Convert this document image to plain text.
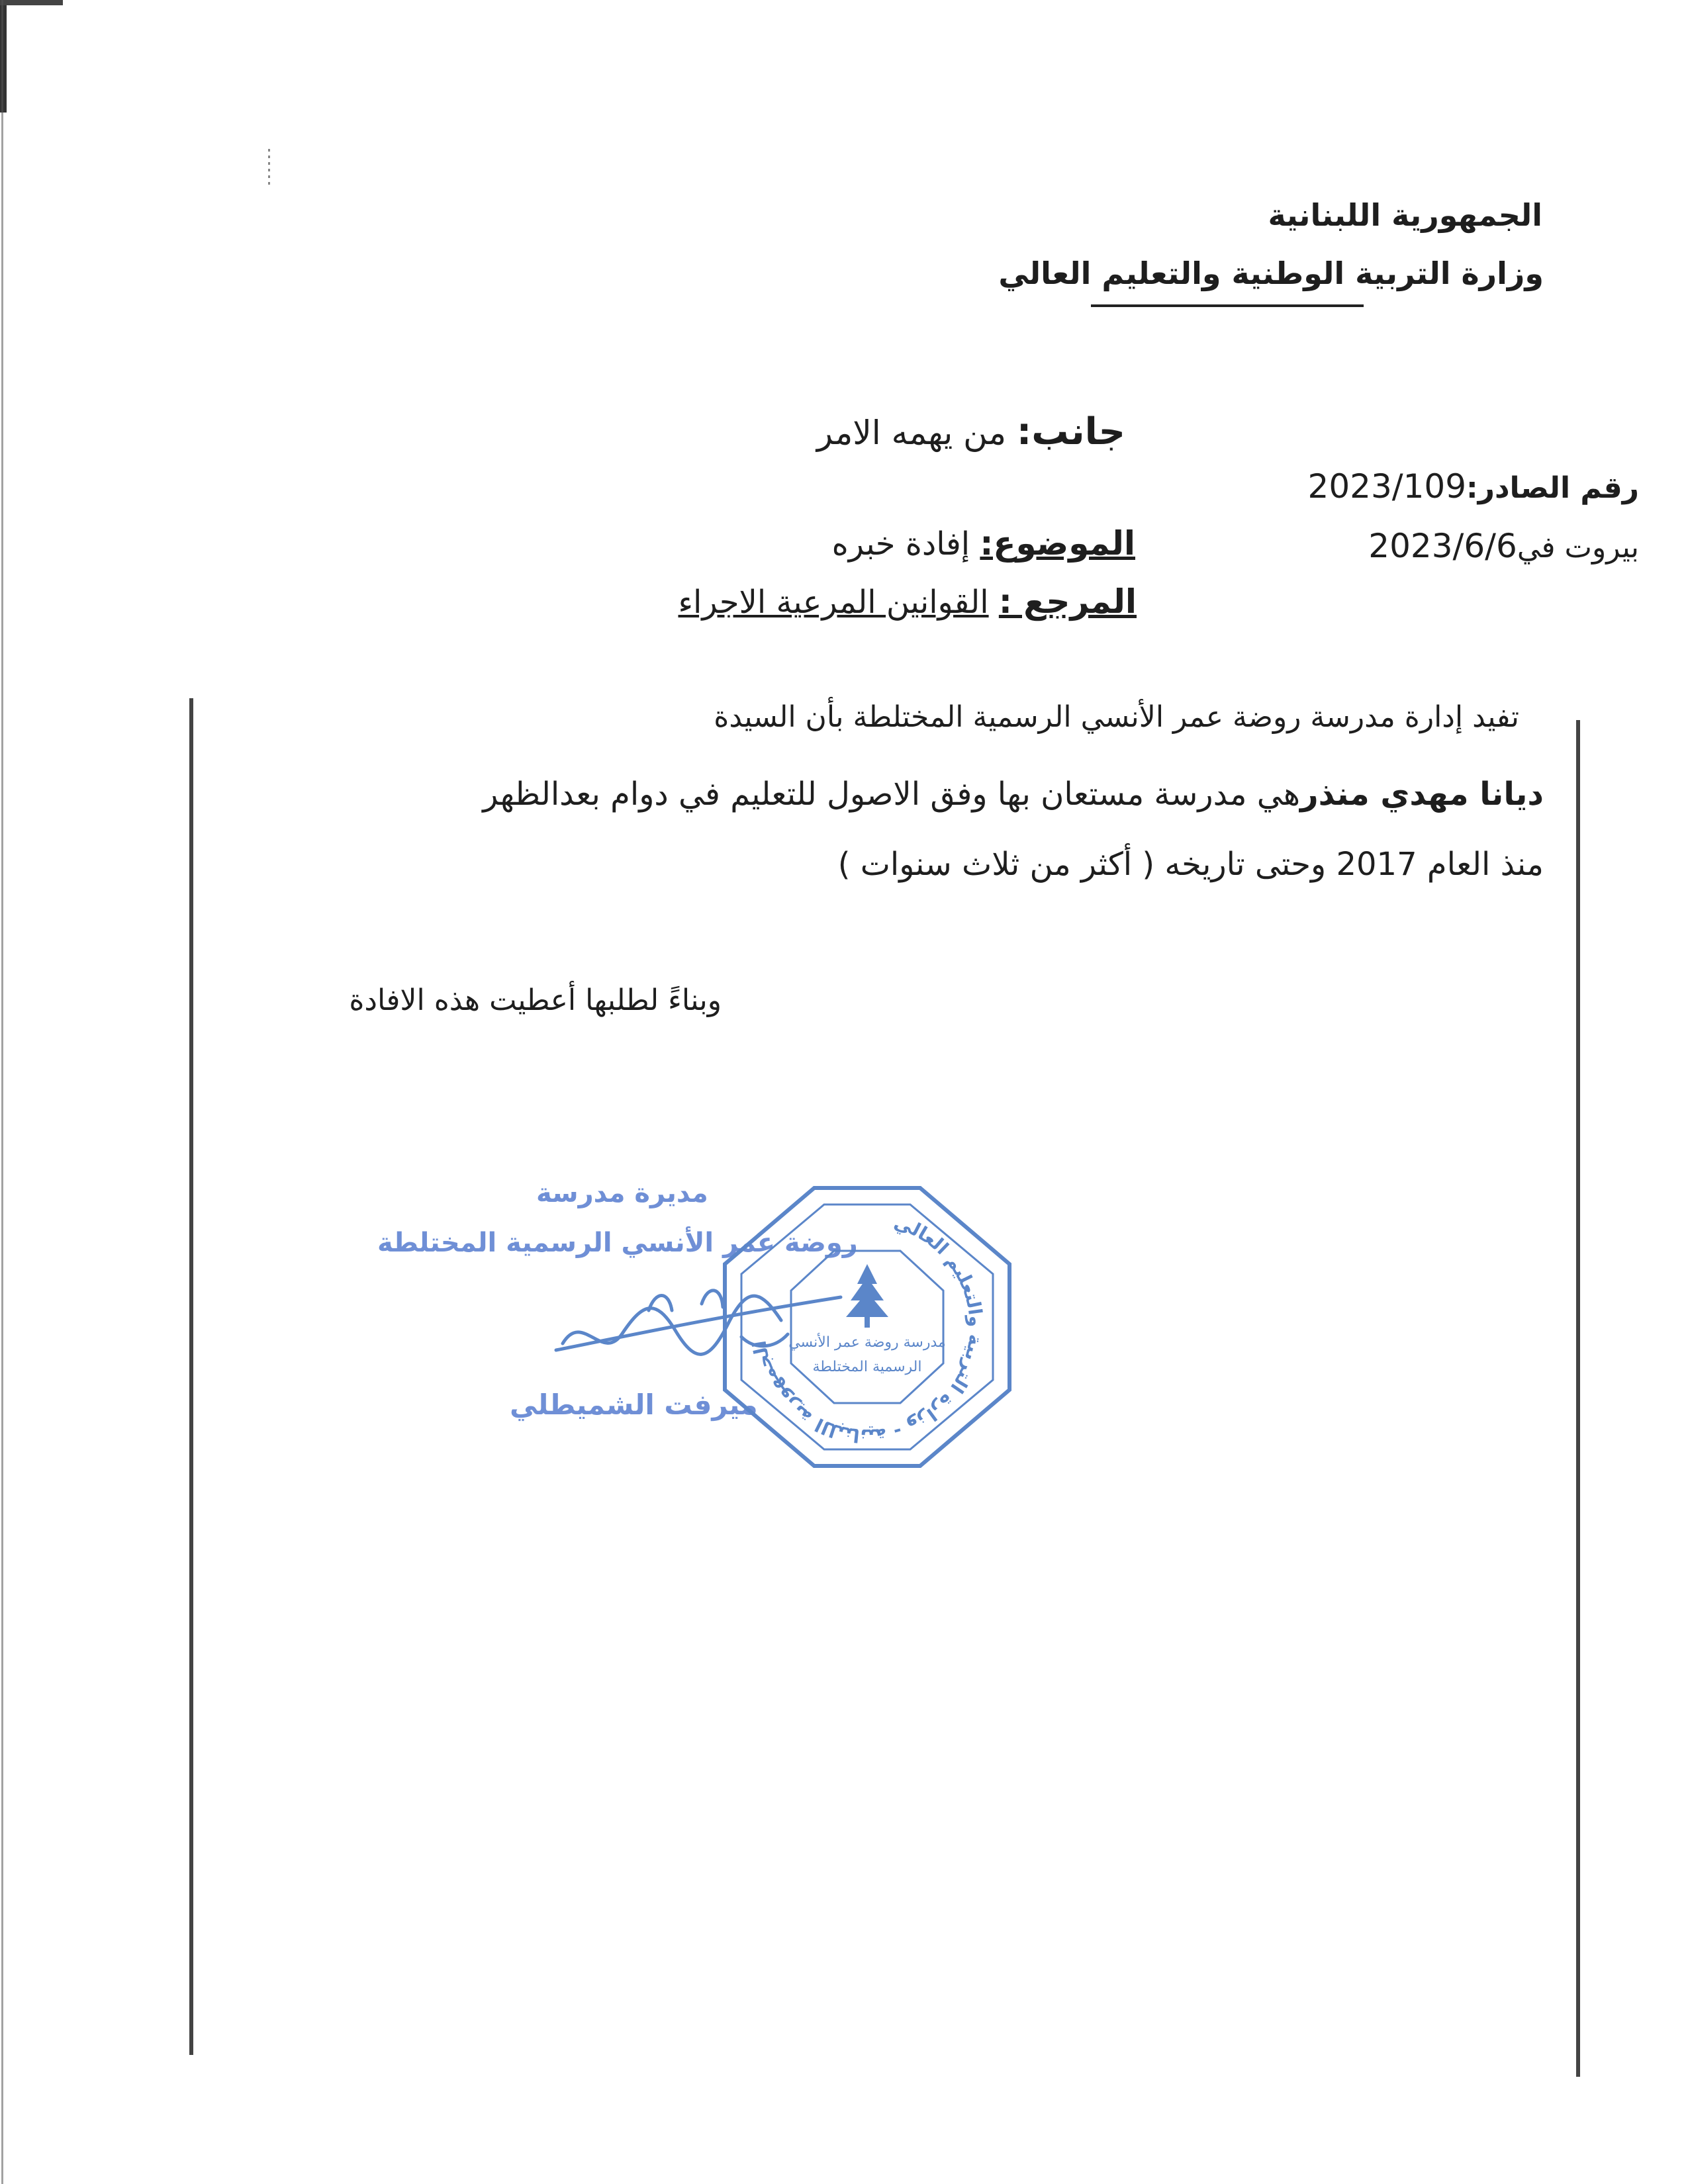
الجمهورية اللبنانية
وزارة التربية الوطنية والتعليم العالي
جانب: من يهمه الامر
رقم الصادر:2023/109
بيروت في2023/6/6
الموضوع: إفادة خبره
المرجع : القوانين المرعية الاجراء
تفيد إدارة مدرسة روضة عمر الأنسي الرسمية المختلطة بأن السيدة
ديانا مهدي منذرهي مدرسة مستعان بها وفق الاصول للتعليم في دوام بعدالظهر
منذ العام 2017 وحتى تاريخه ( أكثر من ثلاث سنوات )
وبناءً لطلبها أعطيت هذه الافادة
مديرة مدرسة
روضة عمر الأنسي الرسمية المختلطة
ميرفت الشميطلي
الجمهورية اللبنانية - وزارة التربية والتعليم العالي	مدرسة روضة عمر الأنسي
الرسمية المختلطة
